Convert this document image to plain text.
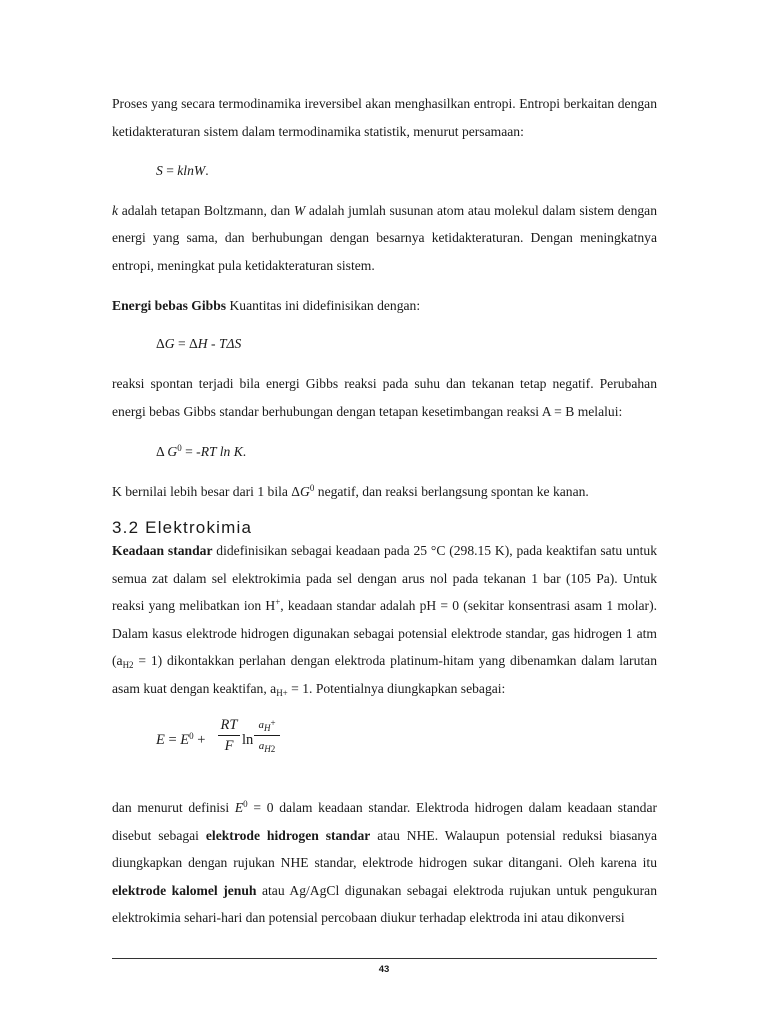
Proses yang secara termodinamika ireversibel akan menghasilkan entropi. Entropi berkaitan dengan ketidakteraturan sistem dalam termodinamika statistik, menurut persamaan:

S = klnW.

k adalah tetapan Boltzmann, dan W adalah jumlah susunan atom atau molekul dalam sistem dengan energi yang sama, dan berhubungan dengan besarnya ketidakteraturan. Dengan meningkatnya entropi, meningkat pula ketidakteraturan sistem.

Energi bebas Gibbs Kuantitas ini didefinisikan dengan:

ΔG = ΔH - TΔS

reaksi spontan terjadi bila energi Gibbs reaksi pada suhu dan tekanan tetap negatif. Perubahan energi bebas Gibbs standar berhubungan dengan tetapan kesetimbangan reaksi A = B melalui:

Δ $G^0 = -RT$ ln K.

K bernilai lebih besar dari 1 bila $\Delta G^0$ negatif, dan reaksi berlangsung spontan ke kanan.

3.2 Elektrokimia

Keadaan standar didefinisikan sebagai keadaan pada 25 °C (298.15 K), pada keaktifan satu untuk semua zat dalam sel elektrokimia pada sel dengan arus nol pada tekanan 1 bar (105 Pa). Untuk reaksi yang melibatkan ion H+, keadaan standar adalah pH = 0 (sekitar konsentrasi asam 1 molar). Dalam kasus elektrode hidrogen digunakan sebagai potensial elektrode standar, gas hidrogen 1 atm $(a_{H2} = 1)$ dikontakkan perlahan dengan elektroda platinum-hitam yang dibenamkan dalam larutan asam kuat dengan keaktifan, $a_{H+} = 1$. Potentialnya diungkapkan sebagai:

$E = E^0$ +
RT
F ln
$a_{H^+}$
$a_{H2}$

dan menurut definisi $E^0 = 0$ dalam keadaan standar. Elektroda hidrogen dalam keadaan standar disebut sebagai elektrode hidrogen standar atau NHE. Walaupun potensial reduksi biasanya diungkapkan dengan rujukan NHE standar, elektrode hidrogen sukar ditangani. Oleh karena itu elektrode kalomel jenuh atau Ag/AgCl digunakan sebagai elektroda rujukan untuk pengukuran elektrokimia sehari-hari dan potensial percobaan diukur terhadap elektroda ini atau dikonversi

43
